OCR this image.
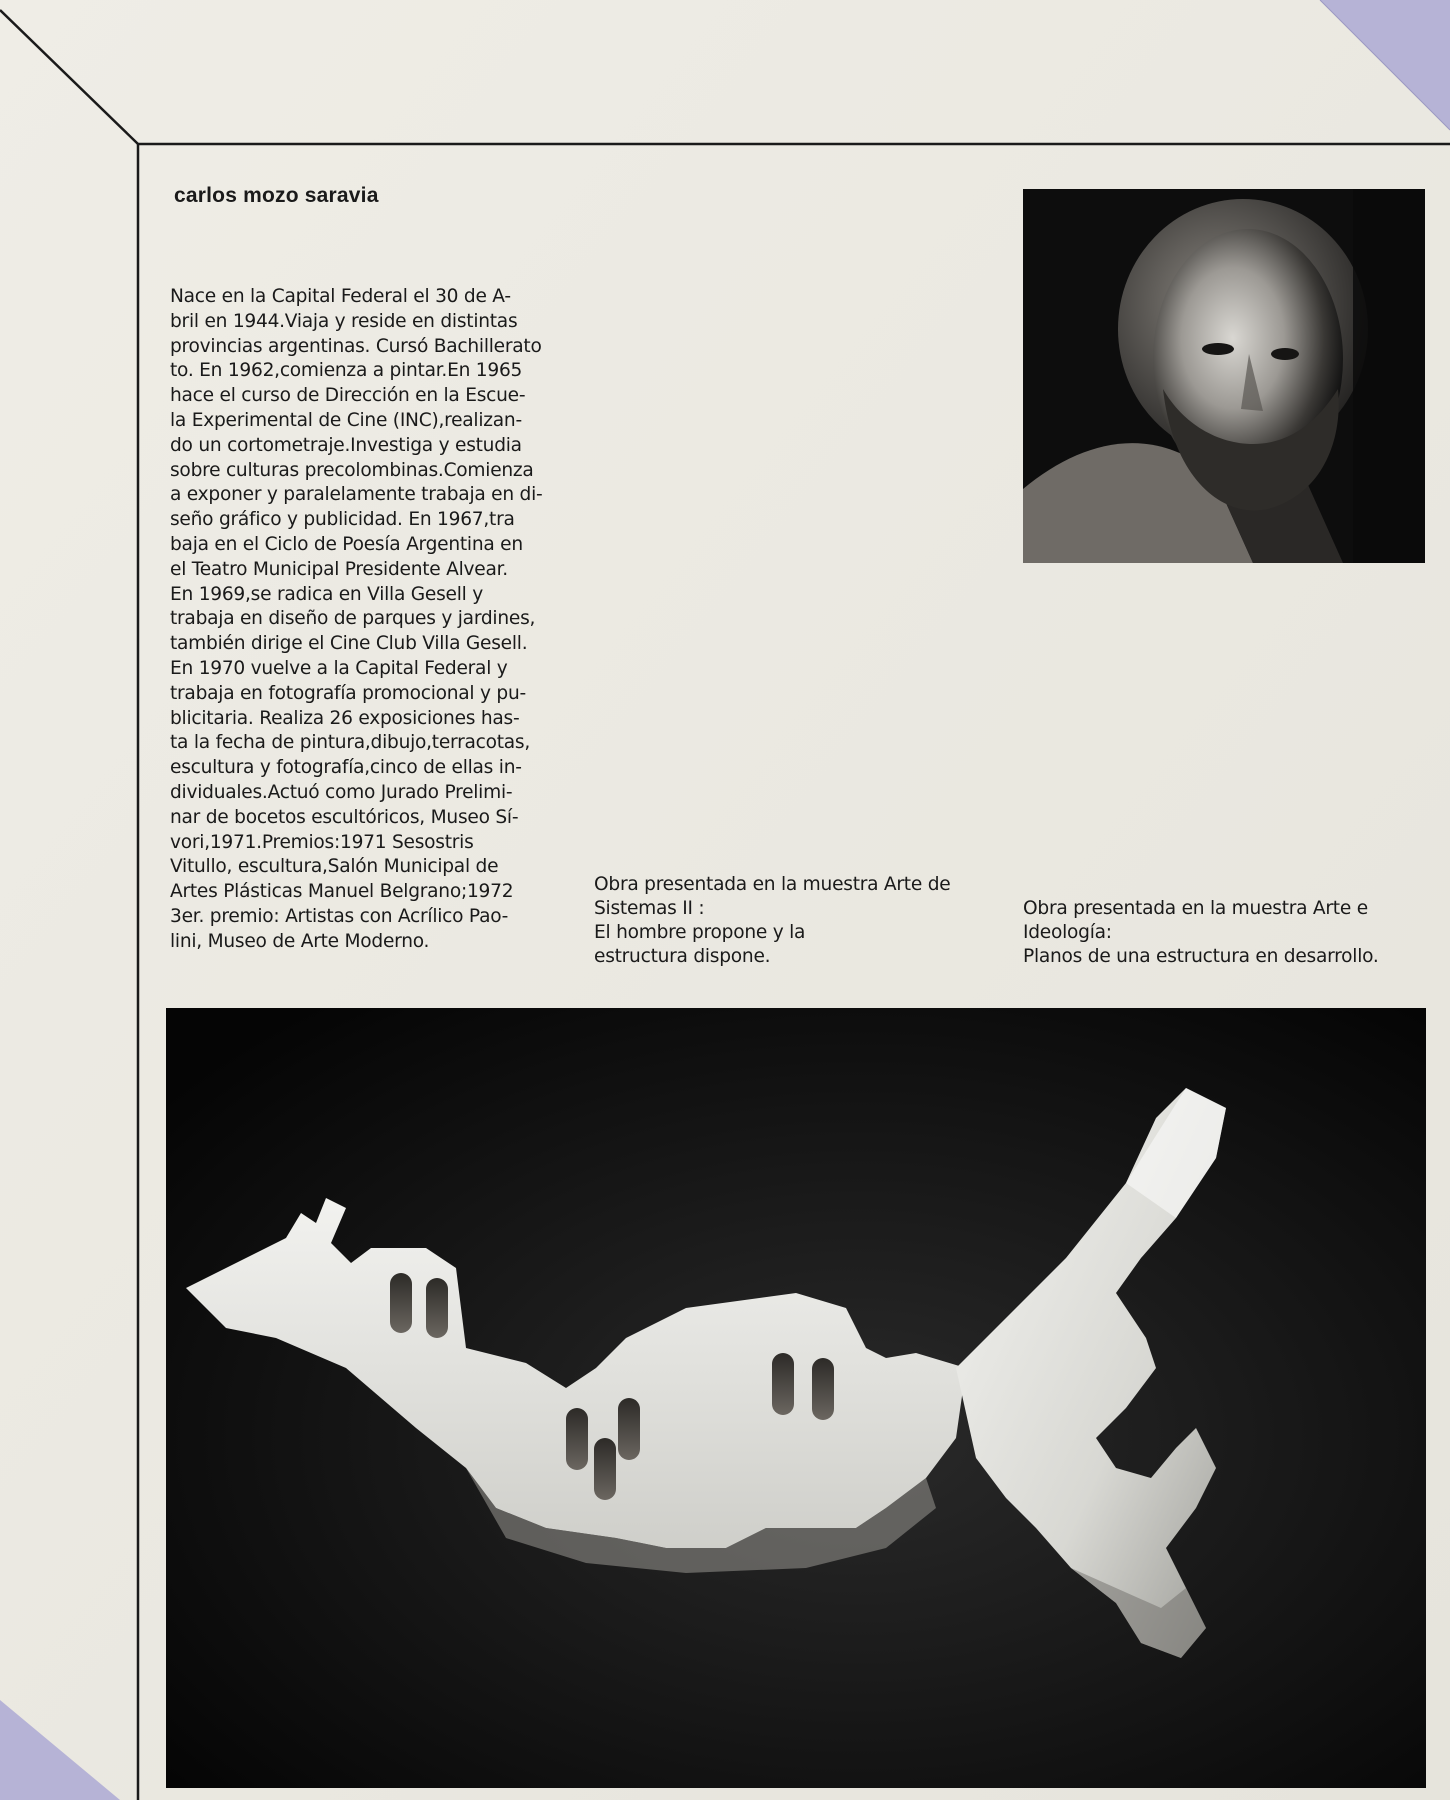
carlos mozo saravia
Nace en la Capital Federal el 30 de A-
bril en 1944.Viaja y reside en distintas
provincias argentinas. Cursó Bachillerato
to. En 1962,comienza a pintar.En 1965
hace el curso de Dirección en la Escue-
la Experimental de Cine (INC),realizan-
do un cortometraje.Investiga y estudia
sobre culturas precolombinas.Comienza
a exponer y paralelamente trabaja en di-
seño gráfico y publicidad. En 1967,tra
baja en el Ciclo de Poesía Argentina en
el Teatro Municipal Presidente Alvear.
En 1969,se radica en Villa Gesell y
trabaja en diseño de parques y jardines,
también dirige el Cine Club Villa Gesell.
En 1970 vuelve a la Capital Federal y
trabaja en fotografía promocional y pu-
blicitaria. Realiza 26 exposiciones has-
ta la fecha de pintura,dibujo,terracotas,
escultura y fotografía,cinco de ellas in-
dividuales.Actuó como Jurado Prelimi-
nar de bocetos escultóricos, Museo Sí-
vori,1971.Premios:1971 Sesostris
Vitullo, escultura,Salón Municipal de
Artes Plásticas Manuel Belgrano;1972
3er. premio: Artistas con Acrílico Pao-
lini, Museo de Arte Moderno.
Obra presentada en la muestra Arte de
Sistemas II :
El hombre propone y la
estructura dispone.
Obra presentada en la muestra Arte e
Ideología:
Planos de una estructura en desarrollo.
